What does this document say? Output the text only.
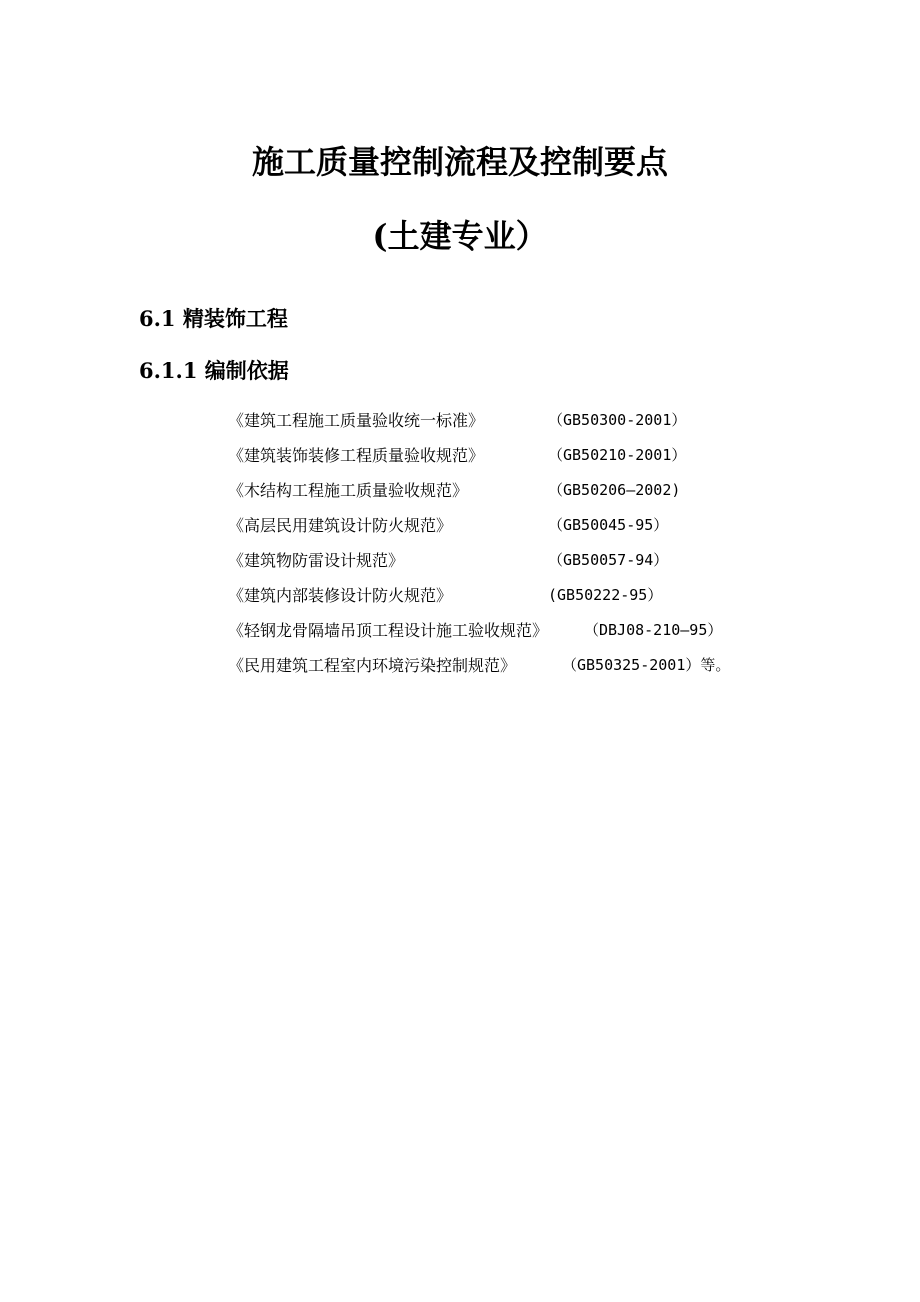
施工质量控制流程及控制要点
(土建专业）
6.1 精装饰工程
6.1.1 编制依据
《建筑工程施工质量验收统一标准》	（GB50300-2001）
《建筑装饰装修工程质量验收规范》	（GB50210-2001）
《木结构工程施工质量验收规范》	（GB50206—2002)
《高层民用建筑设计防火规范》	（GB50045-95）
《建筑物防雷设计规范》	（GB50057-94）
《建筑内部装修设计防火规范》	(GB50222-95）
《轻钢龙骨隔墙吊顶工程设计施工验收规范》 （DBJ08-210—95）
《民用建筑工程室内环境污染控制规范》	（GB50325-2001）等。
